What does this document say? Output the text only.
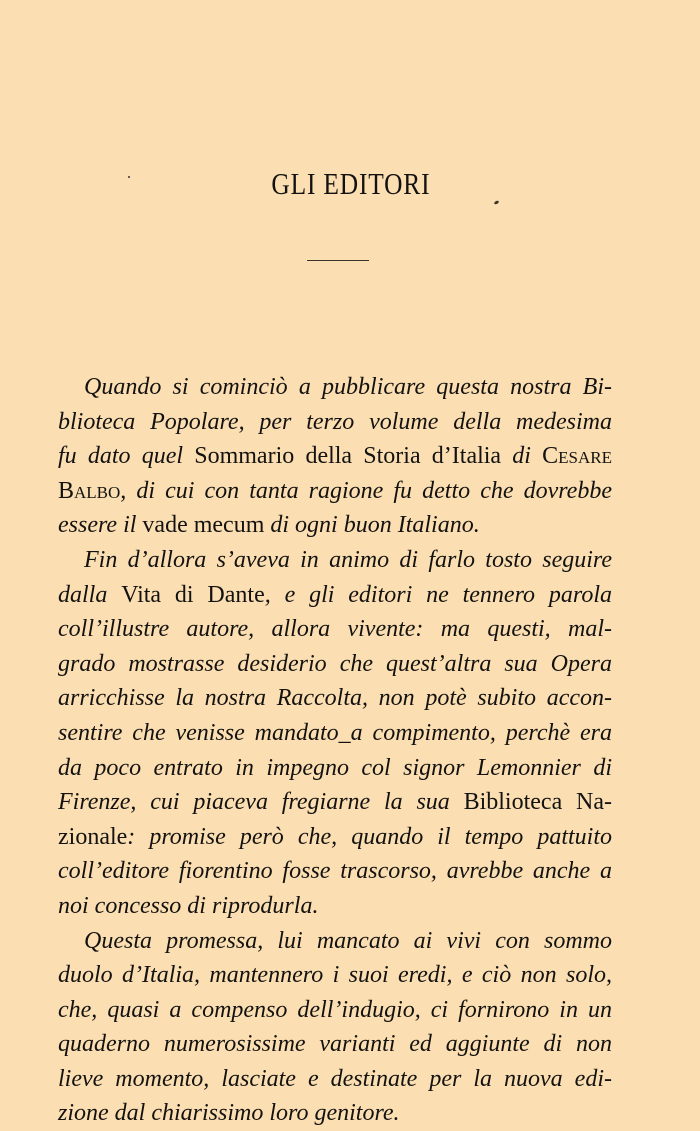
GLI EDITORI
Quando si cominciò a pubblicare questa nostra Bi-
blioteca Popolare, per terzo volume della medesima
fu dato quel Sommario della Storia d’Italia di Cesare
Balbo, di cui con tanta ragione fu detto che dovrebbe
essere il vade mecum di ogni buon Italiano.
Fin d’allora s’aveva in animo di farlo tosto seguire
dalla Vita di Dante, e gli editori ne tennero parola
coll’illustre autore, allora vivente: ma questi, mal-
grado mostrasse desiderio che quest’altra sua Opera
arricchisse la nostra Raccolta, non potè subito accon-
sentire che venisse mandato_a compimento, perchè era
da poco entrato in impegno col signor Lemonnier di
Firenze, cui piaceva fregiarne la sua Biblioteca Na-
zionale: promise però che, quando il tempo pattuito
coll’editore fiorentino fosse trascorso, avrebbe anche a
noi concesso di riprodurla.
Questa promessa, lui mancato ai vivi con sommo
duolo d’Italia, mantennero i suoi eredi, e ciò non solo,
che, quasi a compenso dell’indugio, ci fornirono in un
quaderno numerosissime varianti ed aggiunte di non
lieve momento, lasciate e destinate per la nuova edi-
zione dal chiarissimo loro genitore.
